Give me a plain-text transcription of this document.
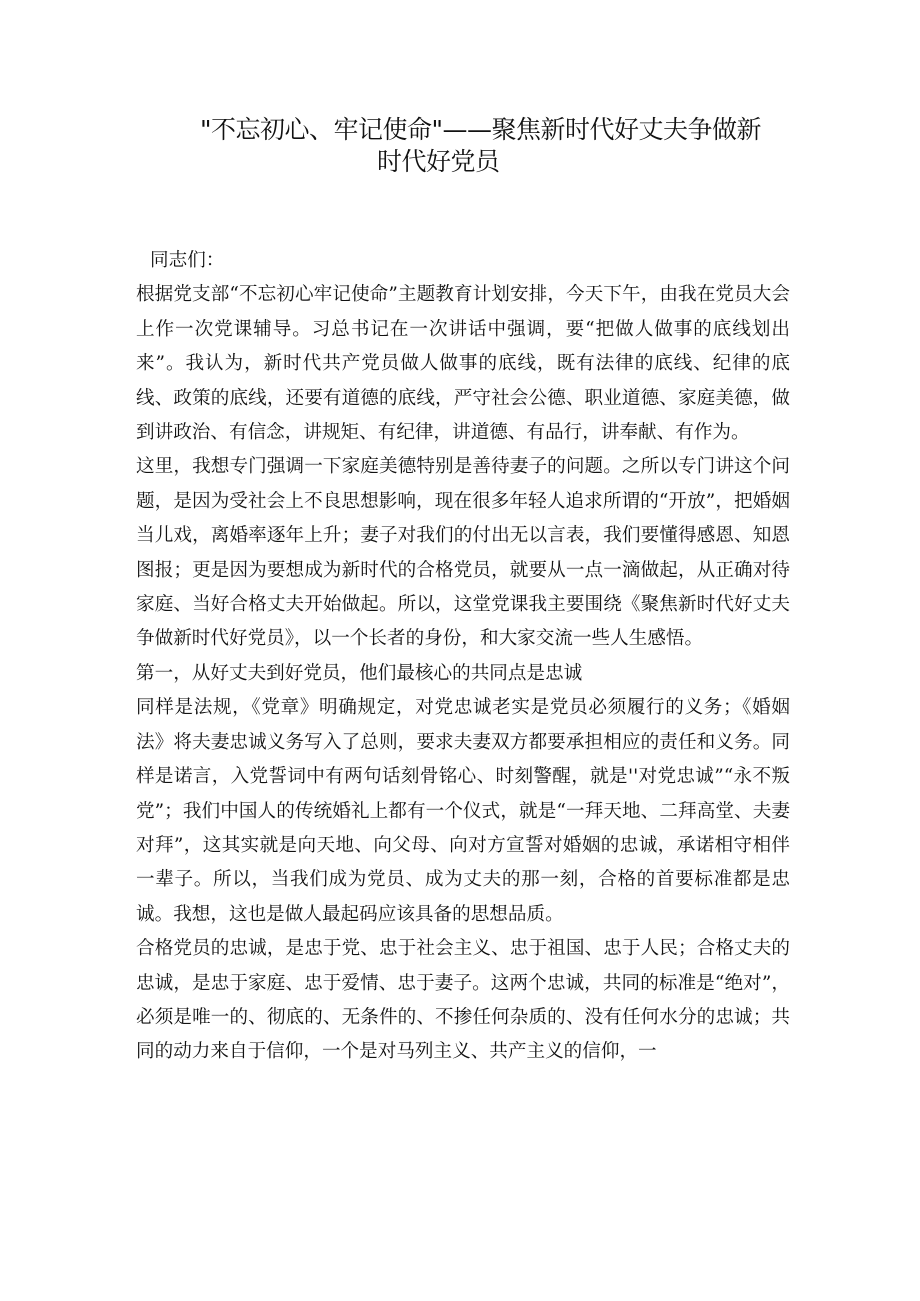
"不忘初心、牢记使命"——聚焦新时代好丈夫争做新
时代好党员

同志们：

根据党支部“不忘初心牢记使命”主题教育计划安排，今天下午，由我在党员大会上作一次党课辅导。习总书记在一次讲话中强调，要“把做人做事的底线划出来”。我认为，新时代共产党员做人做事的底线，既有法律的底线、纪律的底线、政策的底线，还要有道德的底线，严守社会公德、职业道德、家庭美德，做到讲政治、有信念，讲规矩、有纪律，讲道德、有品行，讲奉献、有作为。

这里，我想专门强调一下家庭美德特别是善待妻子的问题。之所以专门讲这个问题，是因为受社会上不良思想影响，现在很多年轻人追求所谓的“开放”，把婚姻当儿戏，离婚率逐年上升；妻子对我们的付出无以言表，我们要懂得感恩、知恩图报；更是因为要想成为新时代的合格党员，就要从一点一滴做起，从正确对待家庭、当好合格丈夫开始做起。所以，这堂党课我主要围绕《聚焦新时代好丈夫争做新时代好党员》，以一个长者的身份，和大家交流一些人生感悟。

第一，从好丈夫到好党员，他们最核心的共同点是忠诚

同样是法规，《党章》明确规定，对党忠诚老实是党员必须履行的义务；《婚姻法》将夫妻忠诚义务写入了总则，要求夫妻双方都要承担相应的责任和义务。同样是诺言，入党誓词中有两句话刻骨铭心、时刻警醒，就是''对党忠诚”“永不叛党”；我们中国人的传统婚礼上都有一个仪式，就是“一拜天地、二拜高堂、夫妻对拜”，这其实就是向天地、向父母、向对方宣誓对婚姻的忠诚，承诺相守相伴一辈子。所以，当我们成为党员、成为丈夫的那一刻，合格的首要标准都是忠诚。我想，这也是做人最起码应该具备的思想品质。

合格党员的忠诚，是忠于党、忠于社会主义、忠于祖国、忠于人民；合格丈夫的忠诚，是忠于家庭、忠于爱情、忠于妻子。这两个忠诚，共同的标准是“绝对”，必须是唯一的、彻底的、无条件的、不掺任何杂质的、没有任何水分的忠诚；共同的动力来自于信仰，一个是对马列主义、共产主义的信仰，一
